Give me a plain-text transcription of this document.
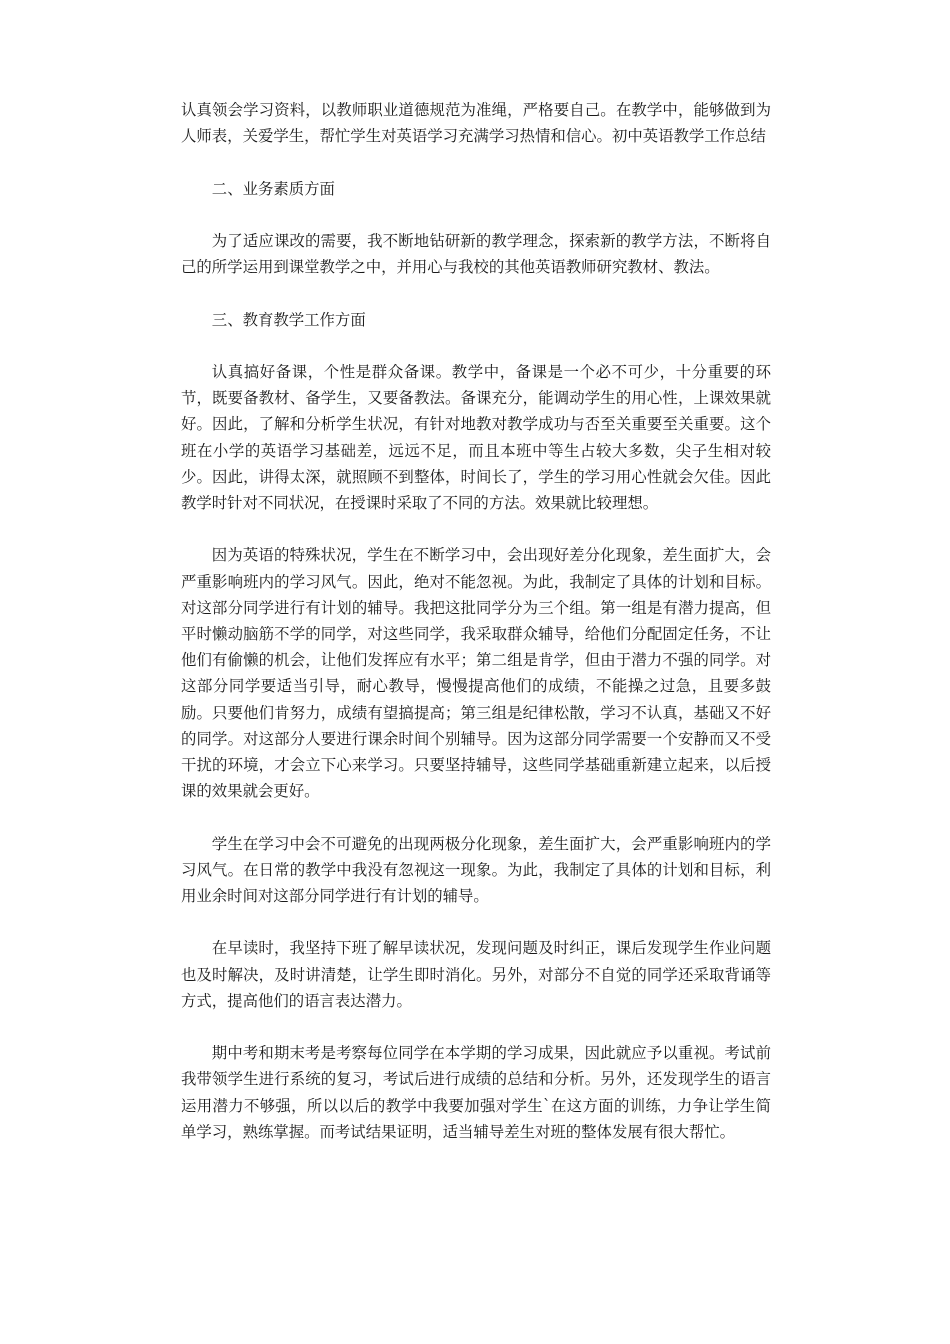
认真领会学习资料，以教师职业道德规范为准绳，严格要自己。在教学中，能够做到为人师表，关爱学生，帮忙学生对英语学习充满学习热情和信心。初中英语教学工作总结

二、业务素质方面

为了适应课改的需要，我不断地钻研新的教学理念，探索新的教学方法，不断将自己的所学运用到课堂教学之中，并用心与我校的其他英语教师研究教材、教法。

三、教育教学工作方面

认真搞好备课，个性是群众备课。教学中，备课是一个必不可少，十分重要的环节，既要备教材、备学生，又要备教法。备课充分，能调动学生的用心性，上课效果就好。因此，了解和分析学生状况，有针对地教对教学成功与否至关重要至关重要。这个班在小学的英语学习基础差，远远不足，而且本班中等生占较大多数，尖子生相对较少。因此，讲得太深，就照顾不到整体，时间长了，学生的学习用心性就会欠佳。因此教学时针对不同状况，在授课时采取了不同的方法。效果就比较理想。

因为英语的特殊状况，学生在不断学习中，会出现好差分化现象，差生面扩大，会严重影响班内的学习风气。因此，绝对不能忽视。为此，我制定了具体的计划和目标。对这部分同学进行有计划的辅导。我把这批同学分为三个组。第一组是有潜力提高，但平时懒动脑筋不学的同学，对这些同学，我采取群众辅导，给他们分配固定任务，不让他们有偷懒的机会，让他们发挥应有水平；第二组是肯学，但由于潜力不强的同学。对这部分同学要适当引导，耐心教导，慢慢提高他们的成绩，不能操之过急，且要多鼓励。只要他们肯努力，成绩有望搞提高；第三组是纪律松散，学习不认真，基础又不好的同学。对这部分人要进行课余时间个别辅导。因为这部分同学需要一个安静而又不受干扰的环境，才会立下心来学习。只要坚持辅导，这些同学基础重新建立起来，以后授课的效果就会更好。

学生在学习中会不可避免的出现两极分化现象，差生面扩大，会严重影响班内的学习风气。在日常的教学中我没有忽视这一现象。为此，我制定了具体的计划和目标，利用业余时间对这部分同学进行有计划的辅导。

在早读时，我坚持下班了解早读状况，发现问题及时纠正，课后发现学生作业问题也及时解决，及时讲清楚，让学生即时消化。另外，对部分不自觉的同学还采取背诵等方式，提高他们的语言表达潜力。

期中考和期末考是考察每位同学在本学期的学习成果，因此就应予以重视。考试前我带领学生进行系统的复习，考试后进行成绩的总结和分析。另外，还发现学生的语言运用潜力不够强，所以以后的教学中我要加强对学生`在这方面的训练，力争让学生简单学习，熟练掌握。而考试结果证明，适当辅导差生对班的整体发展有很大帮忙。
